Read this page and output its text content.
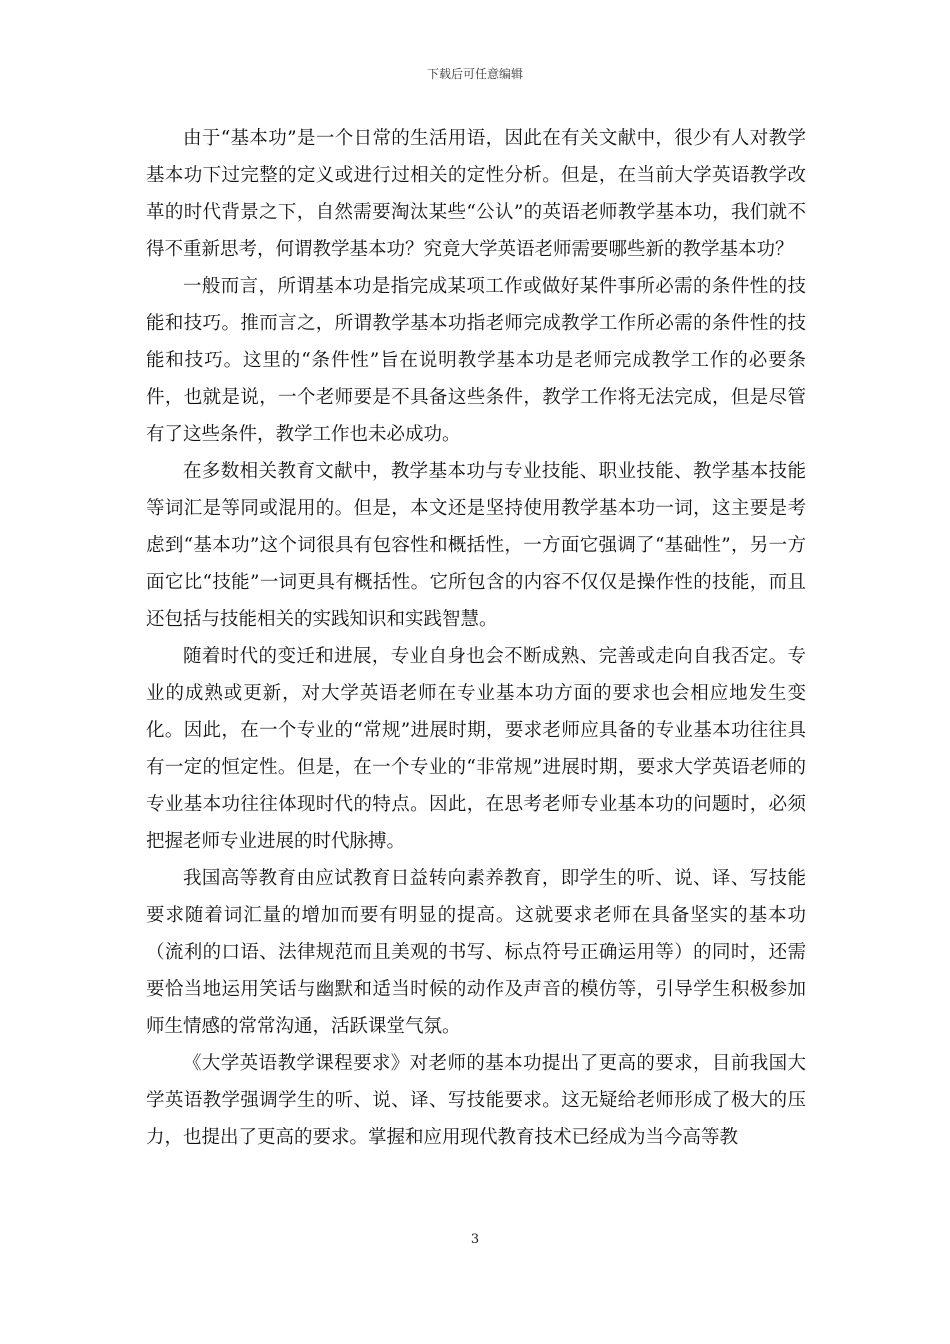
下载后可任意编辑

由于“基本功”是一个日常的生活用语，因此在有关文献中，很少有人对教学基本功下过完整的定义或进行过相关的定性分析。但是，在当前大学英语教学改革的时代背景之下，自然需要淘汰某些“公认”的英语老师教学基本功，我们就不得不重新思考，何谓教学基本功？究竟大学英语老师需要哪些新的教学基本功？

一般而言，所谓基本功是指完成某项工作或做好某件事所必需的条件性的技能和技巧。推而言之，所谓教学基本功指老师完成教学工作所必需的条件性的技能和技巧。这里的“条件性”旨在说明教学基本功是老师完成教学工作的必要条件，也就是说，一个老师要是不具备这些条件，教学工作将无法完成，但是尽管有了这些条件，教学工作也未必成功。

在多数相关教育文献中，教学基本功与专业技能、职业技能、教学基本技能等词汇是等同或混用的。但是，本文还是坚持使用教学基本功一词，这主要是考虑到“基本功”这个词很具有包容性和概括性，一方面它强调了“基础性”，另一方面它比“技能”一词更具有概括性。它所包含的内容不仅仅是操作性的技能，而且还包括与技能相关的实践知识和实践智慧。

随着时代的变迁和进展，专业自身也会不断成熟、完善或走向自我否定。专业的成熟或更新，对大学英语老师在专业基本功方面的要求也会相应地发生变化。因此，在一个专业的“常规”进展时期，要求老师应具备的专业基本功往往具有一定的恒定性。但是，在一个专业的“非常规”进展时期，要求大学英语老师的专业基本功往往体现时代的特点。因此，在思考老师专业基本功的问题时，必须把握老师专业进展的时代脉搏。

我国高等教育由应试教育日益转向素养教育，即学生的听、说、译、写技能要求随着词汇量的增加而要有明显的提高。这就要求老师在具备坚实的基本功（流利的口语、法律规范而且美观的书写、标点符号正确运用等）的同时，还需要恰当地运用笑话与幽默和适当时候的动作及声音的模仿等，引导学生积极参加师生情感的常常沟通，活跃课堂气氛。

《大学英语教学课程要求》对老师的基本功提出了更高的要求，目前我国大学英语教学强调学生的听、说、译、写技能要求。这无疑给老师形成了极大的压力，也提出了更高的要求。掌握和应用现代教育技术已经成为当今高等教

3
